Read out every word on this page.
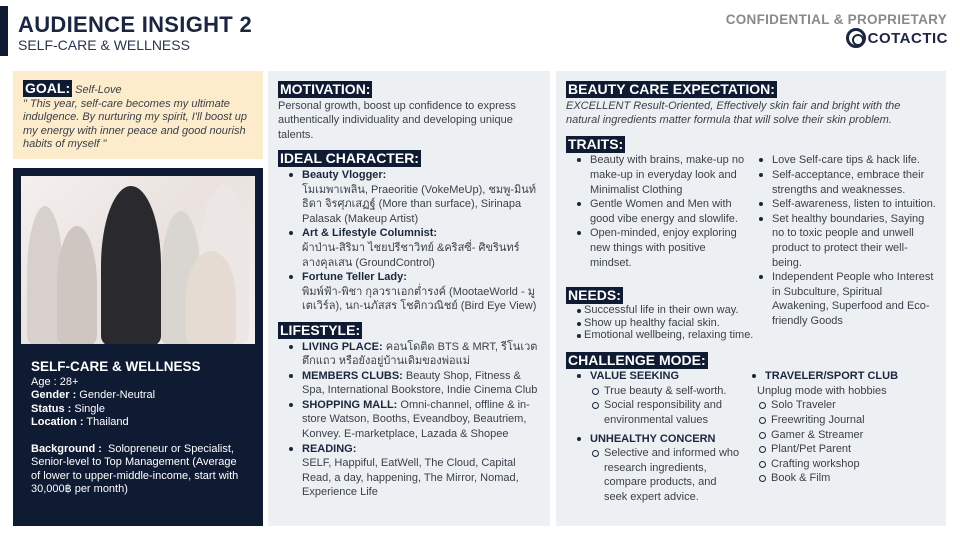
AUDIENCE INSIGHT 2
SELF-CARE & WELLNESS
CONFIDENTIAL & PROPRIETARY
COTACTIC
GOAL: Self-Love
" This year, self-care becomes my ultimate indulgence. By nurturing my spirit, I'll boost up my energy with inner peace and good nourish habits of myself "
SELF-CARE & WELLNESS
Age : 28+
Gender : Gender-Neutral
Status : Single
Location : Thailand
Background : Solopreneur or Specialist, Senior-level to Top Management (Average of lower to upper-middle-income, start with 30,000฿ per month)
MOTIVATION:
Personal growth, boost up confidence to express authentically individuality and developing unique talents.
IDEAL CHARACTER:
Beauty Vlogger:
โมเมพาเพลิน, Praeoritie (VokeMeUp), ชมพู-มินท์ธิดา จิรศุภเสฏฐ์ (More than surface), Sirinapa Palasak (Makeup Artist)
Art & Lifestyle Columnist:
ผ้าป่าน-สิริมา ไชยปรีชาวิทย์ &คริสซี่- ศิขรินทร์ ลางคุลเสน (GroundControl)
Fortune Teller Lady:
พิมพ์ฟ้า-พิชา กุลวราเอกต่ำรงค์ (MootaeWorld - มูเตเวิร์ล), นก-นภัสสร โชติกวณิชย์ (Bird Eye View)
LIFESTYLE:
LIVING PLACE: คอนโดติด BTS & MRT, รีโนเวตตึกแถว หรือยังอยู่บ้านเดิมของพ่อแม่
MEMBERS CLUBS: Beauty Shop, Fitness & Spa, International Bookstore, Indie Cinema Club
SHOPPING MALL: Omni-channel, offline & in-store Watson, Booths, Eveandboy, Beautriem, Konvey. E-marketplace, Lazada & Shopee
READING:
SELF, Happiful, EatWell, The Cloud, Capital Read, a day, happening, The Mirror, Nomad, Experience Life
BEAUTY CARE EXPECTATION:
EXCELLENT Result-Oriented, Effectively skin fair and bright with the natural ingredients matter formula that will solve their skin problem.
TRAITS:
Beauty with brains, make-up no make-up in everyday look and Minimalist Clothing
Gentle Women and Men with good vibe energy and slowlife.
Open-minded, enjoy exploring new things with positive mindset.
Love Self-care tips & hack life.
Self-acceptance, embrace their strengths and weaknesses.
Self-awareness, listen to intuition.
Set healthy boundaries, Saying no to toxic people and unwell product to protect their well-being.
Independent People who Interest in Subculture, Spiritual Awakening, Superfood and Eco-friendly Goods
NEEDS:
Successful life in their own way.
Show up healthy facial skin.
Emotional wellbeing, relaxing time.
CHALLENGE MODE:
VALUE SEEKING
True beauty & self-worth.
Social responsibility and environmental values
UNHEALTHY CONCERN
Selective and informed who research ingredients, compare products, and seek expert advice.
TRAVELER/SPORT CLUB
Unplug mode with hobbies
Solo Traveler
Freewriting Journal
Gamer & Streamer
Plant/Pet Parent
Crafting workshop
Book & Film
